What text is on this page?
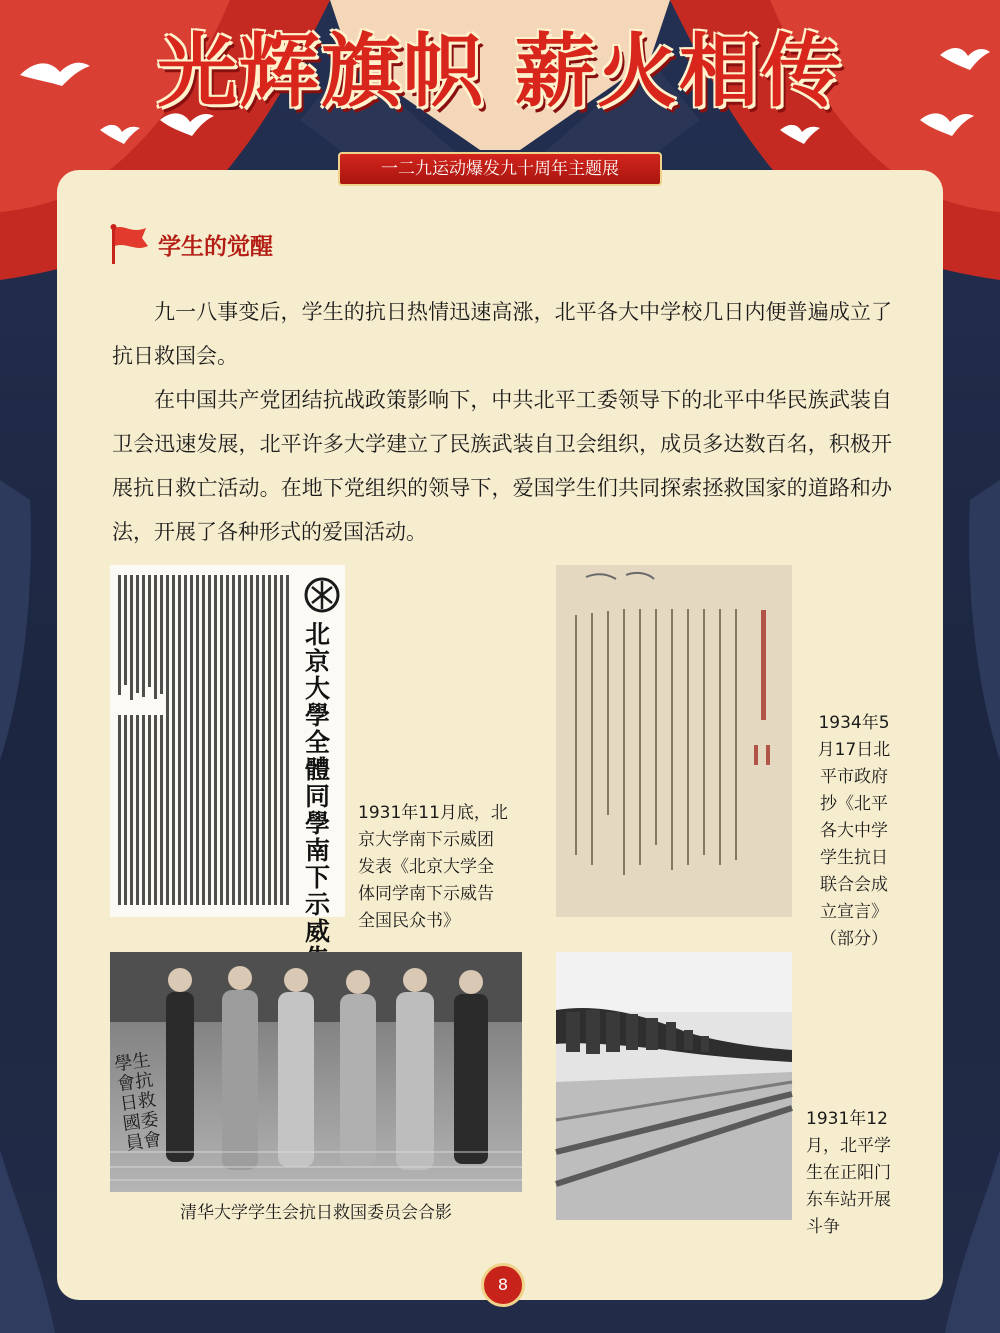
光辉旗帜 薪火相传
一二九运动爆发九十周年主题展
学生的觉醒

九一八事变后，学生的抗日热情迅速高涨，北平各大中学校几日内便普遍成立了抗日救国会。

在中国共产党团结抗战政策影响下，中共北平工委领导下的北平中华民族武装自卫会迅速发展，北平许多大学建立了民族武装自卫会组织，成员多达数百名，积极开展抗日救亡活动。在地下党组织的领导下，爱国学生们共同探索拯救国家的道路和办法，开展了各种形式的爱国活动。

北京大學全體同學南下示威
1931年11月底，北
京大学南下示威团
发表《北京大学全
体同学南下示威告
全国民众书》
1934年5
月17日北
平市政府
抄《北平
各大中学
学生抗日
联合会成
立宣言》
（部分）
學生會抗日救國委員會
清华大学学生会抗日救国委员会合影
1931年12
月，北平学
生在正阳门
东车站开展
斗争
8
